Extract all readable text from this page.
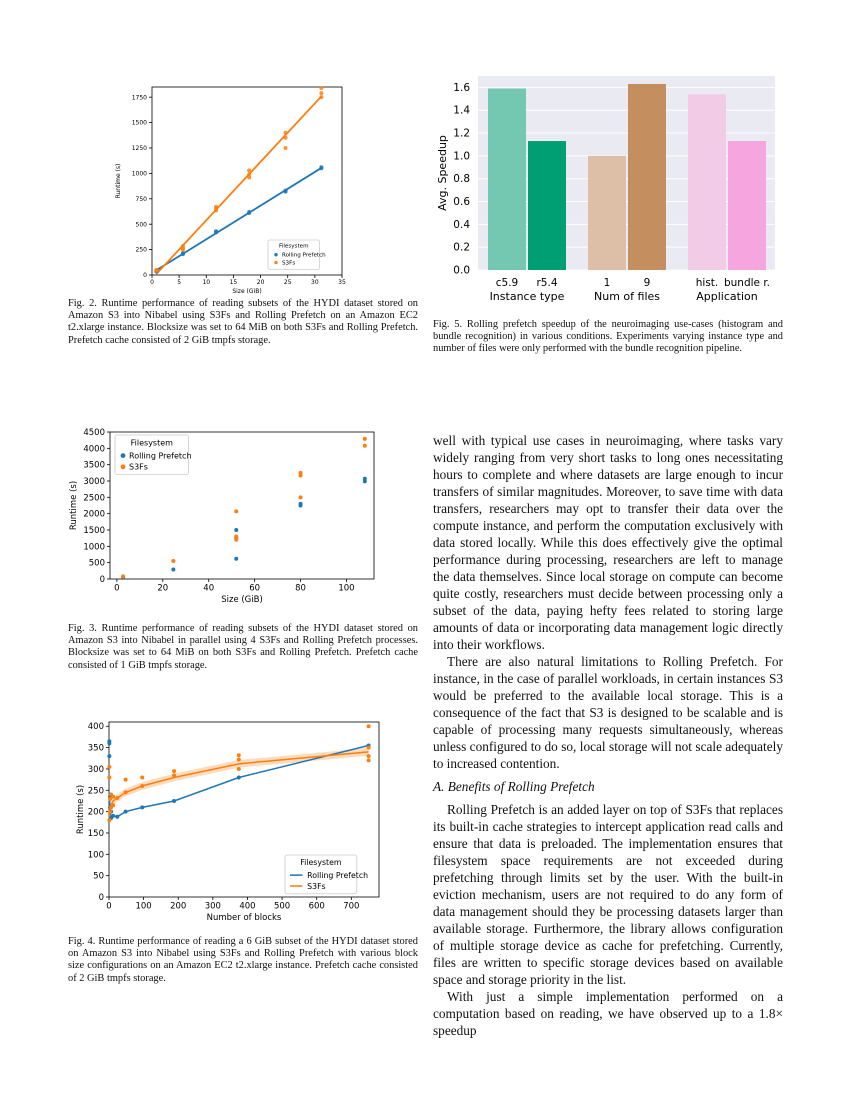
0	5	10	15	20	25	30	35
0
250
500
750
1000
1250
1500
1750
Size (GiB)
Runtime (s)
Filesystem
Rolling Prefetch
S3Fs
Fig. 2. Runtime performance of reading subsets of the HYDI dataset stored on Amazon S3 into Nibabel using S3Fs and Rolling Prefetch on an Amazon EC2 t2.xlarge instance. Blocksize was set to 64 MiB on both S3Fs and Rolling Prefetch. Prefetch cache consisted of 2 GiB tmpfs storage.
0.0
0.2
0.4
0.6
0.8
1.0
1.2
1.4
1.6
Avg. Speedup
c5.9 r5.4
Instance type
1	9
Num of files
hist. bundle r.
Application
Fig. 5. Rolling prefetch speedup of the neuroimaging use-cases (histogram and bundle recognition) in various conditions. Experiments varying instance type and number of files were only performed with the bundle recognition pipeline.
0	20	40	60	80	100
0
500
1000
1500
2000
2500
3000
3500
4000
4500
Size (GiB)
Runtime (s)
Filesystem
Rolling Prefetch
S3Fs
Fig. 3. Runtime performance of reading subsets of the HYDI dataset stored on Amazon S3 into Nibabel in parallel using 4 S3Fs and Rolling Prefetch processes. Blocksize was set to 64 MiB on both S3Fs and Rolling Prefetch. Prefetch cache consisted of 1 GiB tmpfs storage.
0	100 200 300 400 500 600 700
0
50
100
150
200
250
300
350
400
Number of blocks
Runtime (s)
Filesystem
Rolling Prefetch
S3Fs
Fig. 4. Runtime performance of reading a 6 GiB subset of the HYDI dataset stored on Amazon S3 into Nibabel using S3Fs and Rolling Prefetch with various block size configurations on an Amazon EC2 t2.xlarge instance. Prefetch cache consisted of 2 GiB tmpfs storage.

well with typical use cases in neuroimaging, where tasks vary widely ranging from very short tasks to long ones necessitating hours to complete and where datasets are large enough to incur transfers of similar magnitudes. Moreover, to save time with data transfers, researchers may opt to transfer their data over the compute instance, and perform the computation exclusively with data stored locally. While this does effectively give the optimal performance during processing, researchers are left to manage the data themselves. Since local storage on compute can become quite costly, researchers must decide between processing only a subset of the data, paying hefty fees related to storing large amounts of data or incorporating data management logic directly into their workflows.

There are also natural limitations to Rolling Prefetch. For instance, in the case of parallel workloads, in certain instances S3 would be preferred to the available local storage. This is a consequence of the fact that S3 is designed to be scalable and is capable of processing many requests simultaneously, whereas unless configured to do so, local storage will not scale adequately to increased contention.

A. Benefits of Rolling Prefetch

Rolling Prefetch is an added layer on top of S3Fs that replaces its built-in cache strategies to intercept application read calls and ensure that data is preloaded. The implementation ensures that filesystem space requirements are not exceeded during prefetching through limits set by the user. With the built-in eviction mechanism, users are not required to do any form of data management should they be processing datasets larger than available storage. Furthermore, the library allows configuration of multiple storage device as cache for prefetching. Currently, files are written to specific storage devices based on available space and storage priority in the list.

With just a simple implementation performed on a computation based on reading, we have observed up to a 1.8× speedup
